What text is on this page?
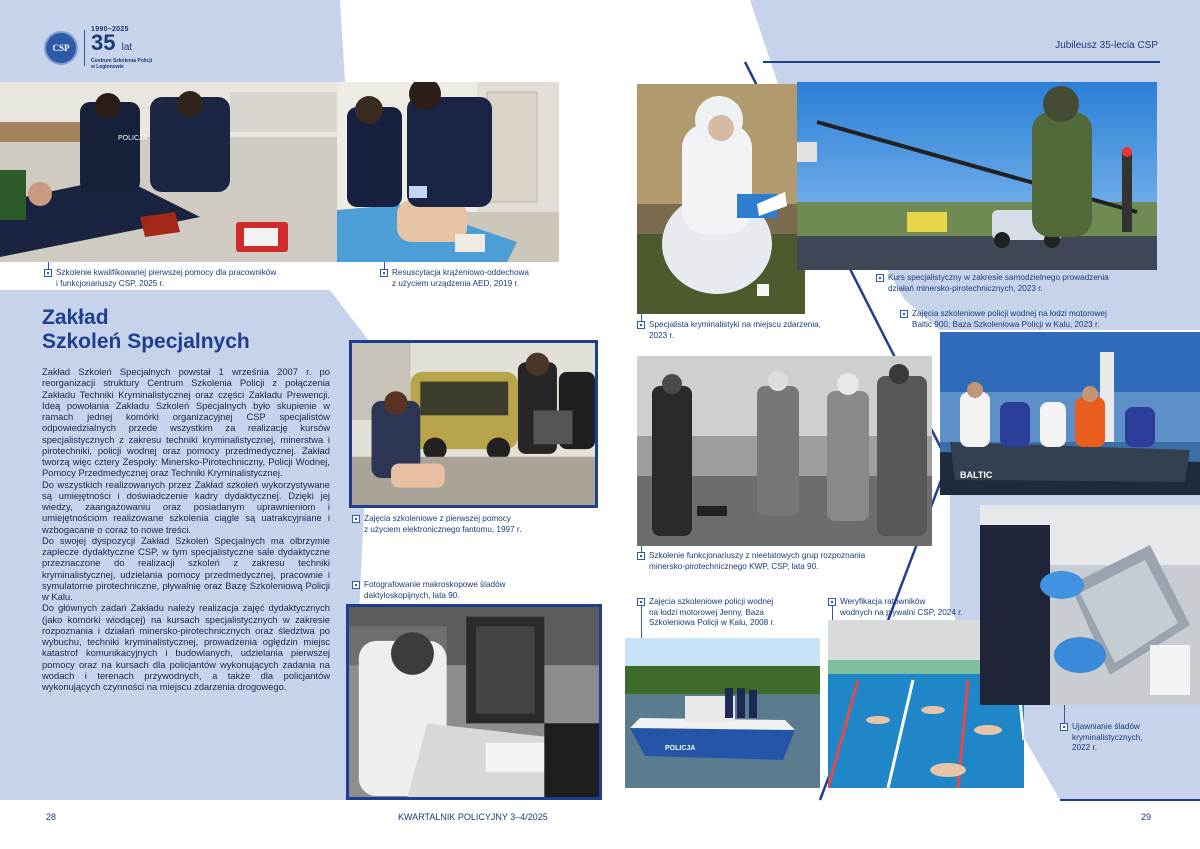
CSP
1990–2025
35 lat
Centrum Szkolenia Policji
w Legionowie
Jubileusz 35-lecia CSP
POLICJA
BALTIC
POLICJA
Szkolenie kwalifikowanej pierwszej pomocy dla pracowników
i funkcjonariuszy CSP, 2025 r.
Resuscytacja krążeniowo-oddechowa
z użyciem urządzenia AED, 2019 r.
Zajęcia szkoleniowe z pierwszej pomocy
z użyciem elektronicznego fantomu, 1997 r.
Fotografowanie makroskopowe śladów
daktyloskopijnych, lata 90.
Specjalista kryminalistyki na miejscu zdarzenia,
2023 r.
Kurs specjalistyczny w zakresie samodzielnego prowadzenia
działań minersko-pirotechnicznych, 2023 r.
Zajęcia szkoleniowe policji wodnej na łodzi motorowej
Baltic 900, Baza Szkoleniowa Policji w Kalu, 2023 r.
Szkolenie funkcjonariuszy z nieetatowych grup rozpoznania
minersko-pirotechnicznego KWP, CSP, lata 90.
Zajęcia szkoleniowe policji wodnej
na łodzi motorowej Jenny, Baza
Szkoleniowa Policji w Kalu, 2008 r.
Weryfikacja ratowników
wodnych na pływalni CSP, 2024 r.
Ujawnianie śladów
kryminalistycznych,
2022 r.
Zakład
Szkoleń Specjalnych

Zakład Szkoleń Specjalnych powstał 1 września 2007 r. po reorganizacji struktury Centrum Szkolenia Policji z połączenia Zakładu Techniki Kryminalistycznej oraz części Zakładu Prewencji. Ideą powołania Zakładu Szkoleń Specjalnych było skupienie w ramach jednej komórki organizacyjnej CSP specjalistów odpowiedzialnych przede wszystkim za realizację kursów specjalistycznych z zakresu techniki kryminalistycznej, minerstwa i pirotechniki, policji wodnej oraz pomocy przedmedycznej. Zakład tworzą więc cztery Zespoły: Minersko-Pirotechniczny, Policji Wodnej, Pomocy Przedmedycznej oraz Techniki Kryminalistycznej.

Do wszystkich realizowanych przez Zakład szkoleń wykorzystywane są umiejętności i doświadczenie kadry dydaktycznej. Dzięki jej wiedzy, zaangażowaniu oraz posiadanym uprawnieniom i umiejętnościom realizowane szkolenia ciągle są uatrakcyjniane i wzbogacane o coraz to nowe treści.

Do swojej dyspozycji Zakład Szkoleń Specjalnych ma olbrzymie zaplecze dydaktyczne CSP, w tym specjalistyczne sale dydaktyczne przeznaczone do realizacji szkoleń z zakresu techniki kryminalistycznej, udzielania pomocy przedmedycznej, pracownie i symulatorne pirotechniczne, pływalnię oraz Bazę Szkoleniową Policji w Kalu.

Do głównych zadań Zakładu należy realizacja zajęć dydaktycznych (jako komórki wiodącej) na kursach specjalistycznych w zakresie rozpoznania i działań minersko-pirotechnicznych oraz śledztwa po wybuchu, techniki kryminalistycznej, prowadzenia oględzin miejsc katastrof komunikacyjnych i budowlanych, udzielania pierwszej pomocy oraz na kursach dla policjantów wykonujących zadania na wodach i terenach przywodnych, a także dla policjantów wykonujących czynności na miejscu zdarzenia drogowego.

28	KWARTALNIK POLICYJNY 3–4/2025	29
